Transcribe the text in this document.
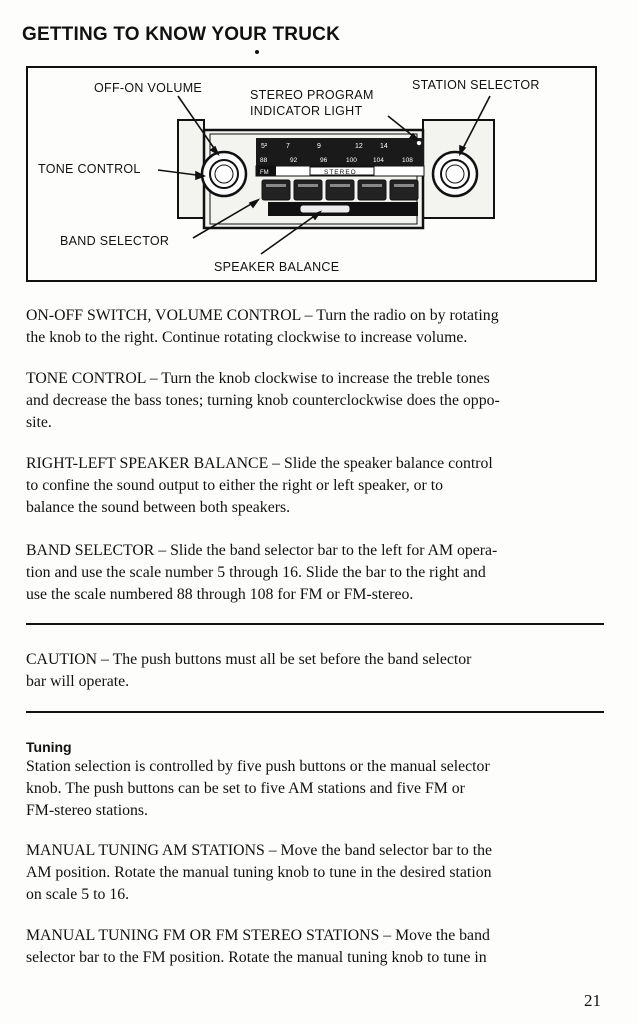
GETTING TO KNOW YOUR TRUCK
5²	7	9	12 14
88	92	96	100 104	108
FM	STEREO
OFF-ON VOLUME	STEREO PROGRAM
INDICATOR LIGHT
STATION SELECTOR
TONE CONTROL
BAND SELECTOR
SPEAKER BALANCE
ON-OFF SWITCH, VOLUME CONTROL – Turn the radio on by rotating
the knob to the right. Continue rotating clockwise to increase volume.
TONE CONTROL – Turn the knob clockwise to increase the treble tones
and decrease the bass tones; turning knob counterclockwise does the oppo-
site.
RIGHT-LEFT SPEAKER BALANCE – Slide the speaker balance control
to confine the sound output to either the right or left speaker, or to
balance the sound between both speakers.
BAND SELECTOR – Slide the band selector bar to the left for AM opera-
tion and use the scale number 5 through 16. Slide the bar to the right and
use the scale numbered 88 through 108 for FM or FM-stereo.
CAUTION – The push buttons must all be set before the band selector
bar will operate.
Tuning
Station selection is controlled by five push buttons or the manual selector
knob. The push buttons can be set to five AM stations and five FM or
FM-stereo stations.
MANUAL TUNING AM STATIONS – Move the band selector bar to the
AM position. Rotate the manual tuning knob to tune in the desired station
on scale 5 to 16.
MANUAL TUNING FM OR FM STEREO STATIONS – Move the band
selector bar to the FM position. Rotate the manual tuning knob to tune in
21
